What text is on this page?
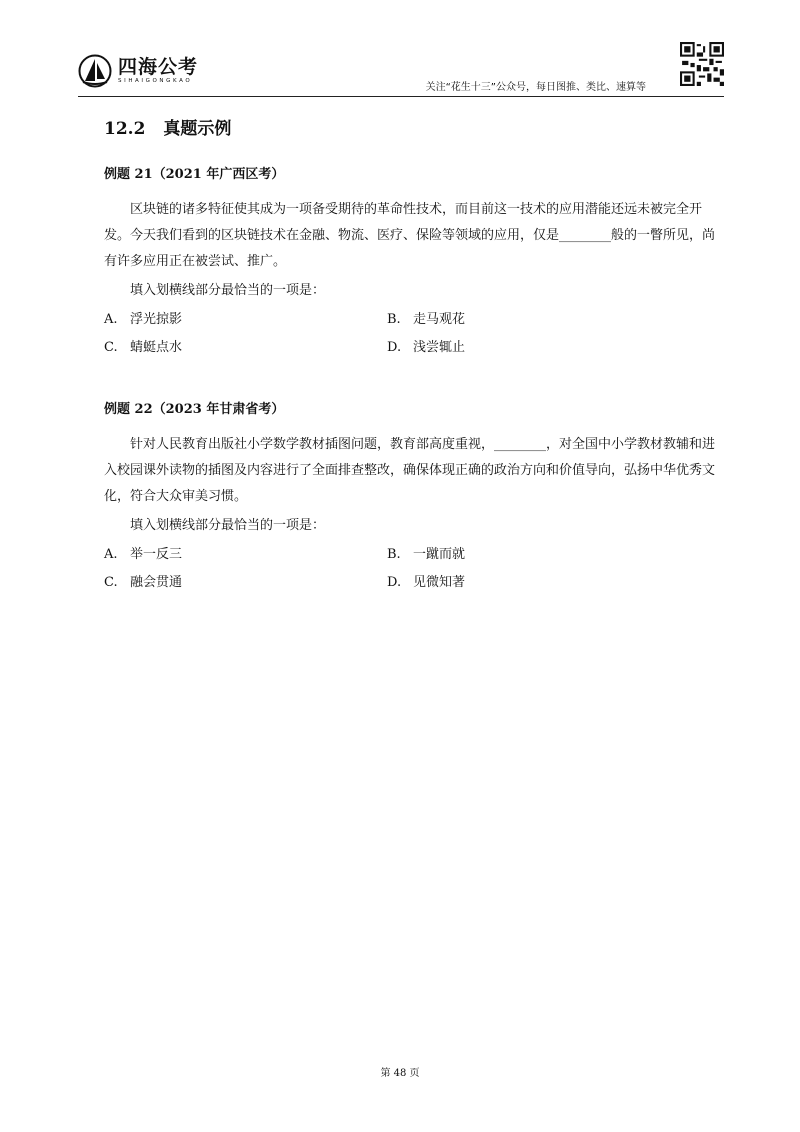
四海公考
SIHAIGONGKAO
关注“花生十三”公众号，每日图推、类比、速算等
12.2 真题示例
例题 21（2021 年广西区考）

区块链的诸多特征使其成为一项备受期待的革命性技术，而目前这一技术的应用潜能还远未被完全开发。今天我们看到的区块链技术在金融、物流、医疗、保险等领域的应用，仅是________般的一瞥所见，尚有许多应用正在被尝试、推广。

填入划横线部分最恰当的一项是：

A. 浮光掠影	B. 走马观花
C. 蜻蜓点水	D. 浅尝辄止
例题 22（2023 年甘肃省考）

针对人民教育出版社小学数学教材插图问题，教育部高度重视，________，对全国中小学教材教辅和进入校园课外读物的插图及内容进行了全面排查整改，确保体现正确的政治方向和价值导向，弘扬中华优秀文化，符合大众审美习惯。

填入划横线部分最恰当的一项是：

A. 举一反三	B. 一蹴而就
C. 融会贯通	D. 见微知著
第 48 页
